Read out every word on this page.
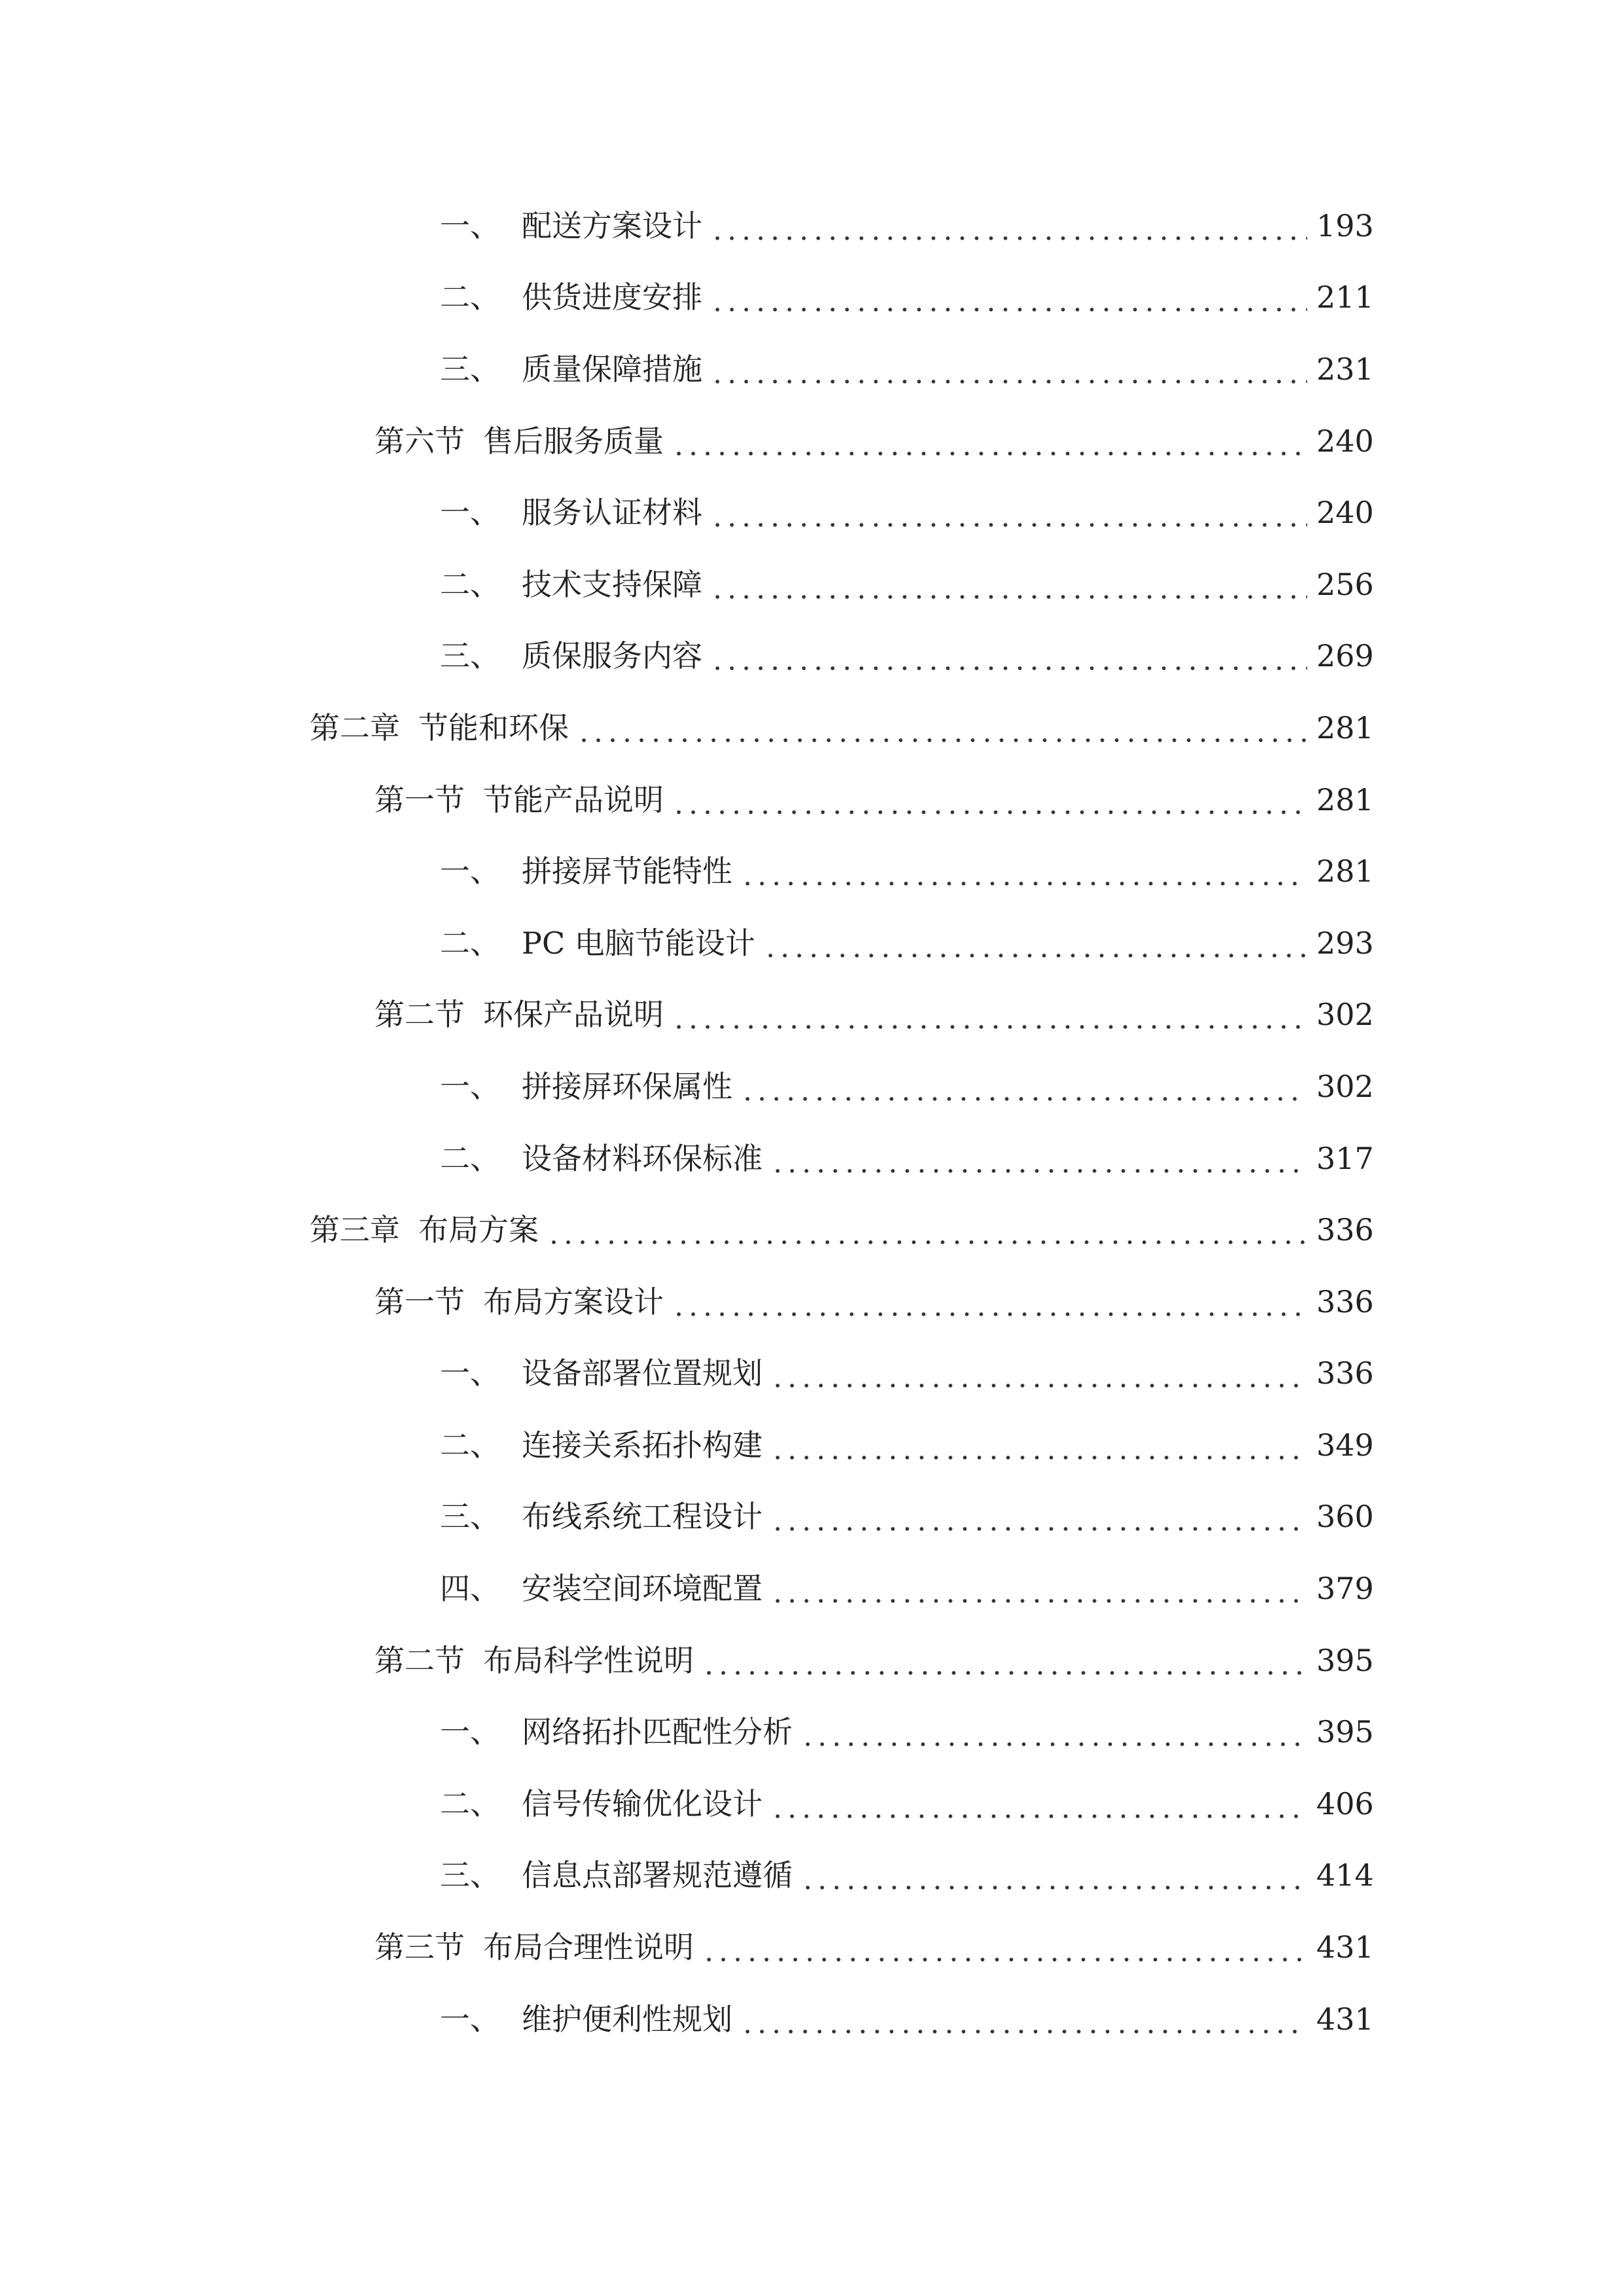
一、 配送方案设计	193
二、 供货进度安排	211
三、 质量保障措施	231
第六节 售后服务质量	240
一、 服务认证材料	240
二、 技术支持保障	256
三、 质保服务内容	269
第二章 节能和环保	281
第一节 节能产品说明	281
一、 拼接屏节能特性	281
二、 PC 电脑节能设计	293
第二节 环保产品说明	302
一、 拼接屏环保属性	302
二、 设备材料环保标准	317
第三章 布局方案	336
第一节 布局方案设计	336
一、 设备部署位置规划	336
二、 连接关系拓扑构建	349
三、 布线系统工程设计	360
四、 安装空间环境配置	379
第二节 布局科学性说明	395
一、 网络拓扑匹配性分析	395
二、 信号传输优化设计	406
三、 信息点部署规范遵循	414
第三节 布局合理性说明	431
一、 维护便利性规划	431
